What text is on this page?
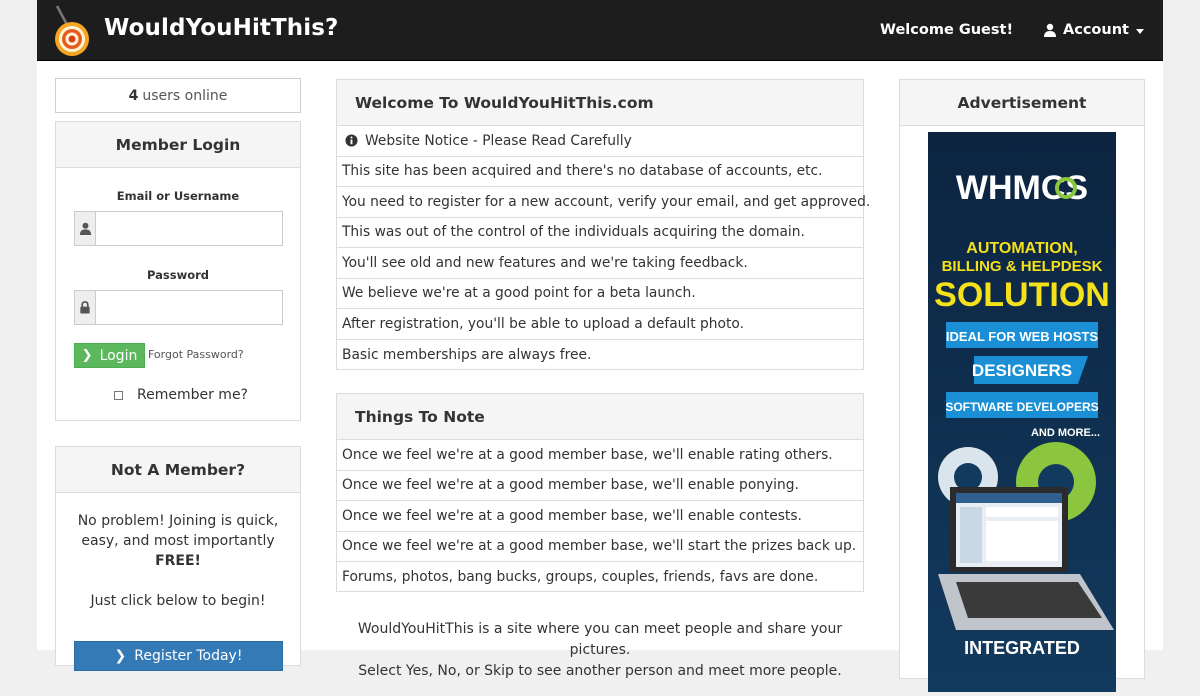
WouldYouHitThis?	Welcome Guest!	Account
4 users online
Member Login
Email or Username
Password
❯ Login Forgot Password?
Remember me?
Not A Member?
No problem! Joining is quick, easy, and most importantly
FREE!
Just click below to begin!
❯ Register Today!
Welcome To WouldYouHitThis.com
Website Notice - Please Read Carefully
This site has been acquired and there's no database of accounts, etc.
You need to register for a new account, verify your email, and get approved.
This was out of the control of the individuals acquiring the domain.
You'll see old and new features and we're taking feedback.
We believe we're at a good point for a beta launch.
After registration, you'll be able to upload a default photo.
Basic memberships are always free.
Things To Note
Once we feel we're at a good member base, we'll enable rating others.
Once we feel we're at a good member base, we'll enable ponying.
Once we feel we're at a good member base, we'll enable contests.
Once we feel we're at a good member base, we'll start the prizes back up.
Forums, photos, bang bucks, groups, couples, friends, favs are done.
WouldYouHitThis is a site where you can meet people and share your pictures.
Select Yes, No, or Skip to see another person and meet more people.
Advertisement
WHMCS
AUTOMATION,
BILLING & HELPDESK
SOLUTION
IDEAL FOR WEB HOSTS
DESIGNERS
SOFTWARE DEVELOPERS
AND MORE...
INTEGRATED
